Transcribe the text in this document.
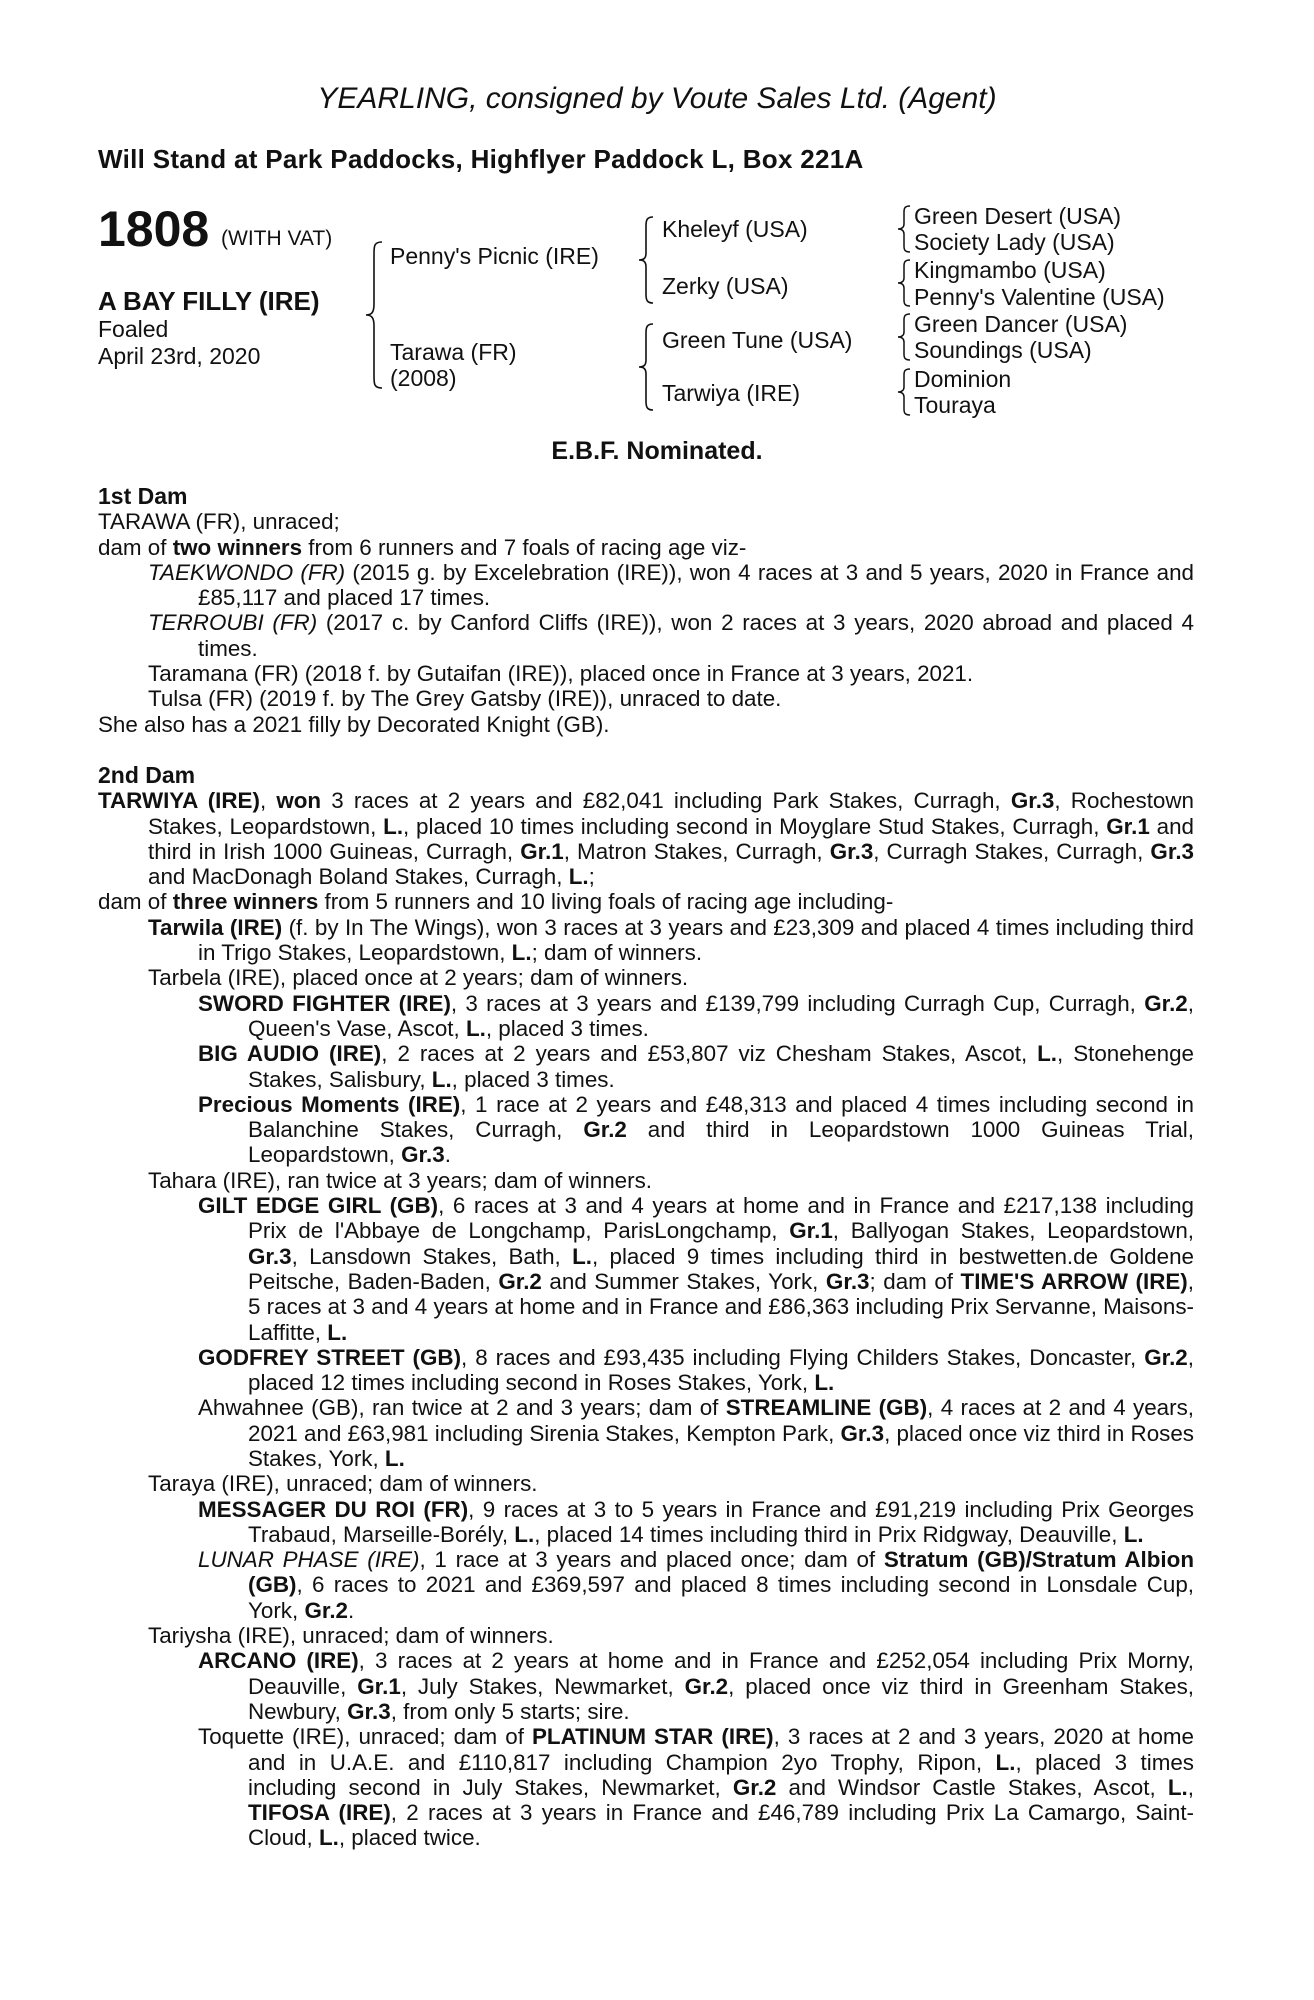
YEARLING, consigned by Voute Sales Ltd. (Agent)
Will Stand at Park Paddocks, Highflyer Paddock L, Box 221A
1808 (WITH VAT)
A BAY FILLY (IRE)
Foaled
April 23rd, 2020
Penny's Picnic (IRE)
Tarawa (FR)
(2008)
Kheleyf (USA)
Zerky (USA)
Green Tune (USA)
Tarwiya (IRE)
Green Desert (USA)
Society Lady (USA)
Kingmambo (USA)
Penny's Valentine (USA)
Green Dancer (USA)
Soundings (USA)
Dominion
Touraya
E.B.F. Nominated.
1st Dam
TARAWA (FR), unraced;
dam of two winners from 6 runners and 7 foals of racing age viz-
TAEKWONDO (FR) (2015 g. by Excelebration (IRE)), won 4 races at 3 and 5 years, 2020 in France and £85,117 and placed 17 times.
TERROUBI (FR) (2017 c. by Canford Cliffs (IRE)), won 2 races at 3 years, 2020 abroad and placed 4 times.
Taramana (FR) (2018 f. by Gutaifan (IRE)), placed once in France at 3 years, 2021.
Tulsa (FR) (2019 f. by The Grey Gatsby (IRE)), unraced to date.
She also has a 2021 filly by Decorated Knight (GB).
2nd Dam
TARWIYA (IRE), won 3 races at 2 years and £82,041 including Park Stakes, Curragh, Gr.3, Rochestown Stakes, Leopardstown, L., placed 10 times including second in Moyglare Stud Stakes, Curragh, Gr.1 and third in Irish 1000 Guineas, Curragh, Gr.1, Matron Stakes, Curragh, Gr.3, Curragh Stakes, Curragh, Gr.3 and MacDonagh Boland Stakes, Curragh, L.;
dam of three winners from 5 runners and 10 living foals of racing age including-
Tarwila (IRE) (f. by In The Wings), won 3 races at 3 years and £23,309 and placed 4 times including third in Trigo Stakes, Leopardstown, L.; dam of winners.
Tarbela (IRE), placed once at 2 years; dam of winners.
SWORD FIGHTER (IRE), 3 races at 3 years and £139,799 including Curragh Cup, Curragh, Gr.2, Queen's Vase, Ascot, L., placed 3 times.
BIG AUDIO (IRE), 2 races at 2 years and £53,807 viz Chesham Stakes, Ascot, L., Stonehenge Stakes, Salisbury, L., placed 3 times.
Precious Moments (IRE), 1 race at 2 years and £48,313 and placed 4 times including second in Balanchine Stakes, Curragh, Gr.2 and third in Leopardstown 1000 Guineas Trial, Leopardstown, Gr.3.
Tahara (IRE), ran twice at 3 years; dam of winners.
GILT EDGE GIRL (GB), 6 races at 3 and 4 years at home and in France and £217,138 including Prix de l'Abbaye de Longchamp, ParisLongchamp, Gr.1, Ballyogan Stakes, Leopardstown, Gr.3, Lansdown Stakes, Bath, L., placed 9 times including third in bestwetten.de Goldene Peitsche, Baden-Baden, Gr.2 and Summer Stakes, York, Gr.3; dam of TIME'S ARROW (IRE), 5 races at 3 and 4 years at home and in France and £86,363 including Prix Servanne, Maisons-Laffitte, L.
GODFREY STREET (GB), 8 races and £93,435 including Flying Childers Stakes, Doncaster, Gr.2, placed 12 times including second in Roses Stakes, York, L.
Ahwahnee (GB), ran twice at 2 and 3 years; dam of STREAMLINE (GB), 4 races at 2 and 4 years, 2021 and £63,981 including Sirenia Stakes, Kempton Park, Gr.3, placed once viz third in Roses Stakes, York, L.
Taraya (IRE), unraced; dam of winners.
MESSAGER DU ROI (FR), 9 races at 3 to 5 years in France and £91,219 including Prix Georges Trabaud, Marseille-Borély, L., placed 14 times including third in Prix Ridgway, Deauville, L.
LUNAR PHASE (IRE), 1 race at 3 years and placed once; dam of Stratum (GB)/Stratum Albion (GB), 6 races to 2021 and £369,597 and placed 8 times including second in Lonsdale Cup, York, Gr.2.
Tariysha (IRE), unraced; dam of winners.
ARCANO (IRE), 3 races at 2 years at home and in France and £252,054 including Prix Morny, Deauville, Gr.1, July Stakes, Newmarket, Gr.2, placed once viz third in Greenham Stakes, Newbury, Gr.3, from only 5 starts; sire.
Toquette (IRE), unraced; dam of PLATINUM STAR (IRE), 3 races at 2 and 3 years, 2020 at home and in U.A.E. and £110,817 including Champion 2yo Trophy, Ripon, L., placed 3 times including second in July Stakes, Newmarket, Gr.2 and Windsor Castle Stakes, Ascot, L., TIFOSA (IRE), 2 races at 3 years in France and £46,789 including Prix La Camargo, Saint-Cloud, L., placed twice.
